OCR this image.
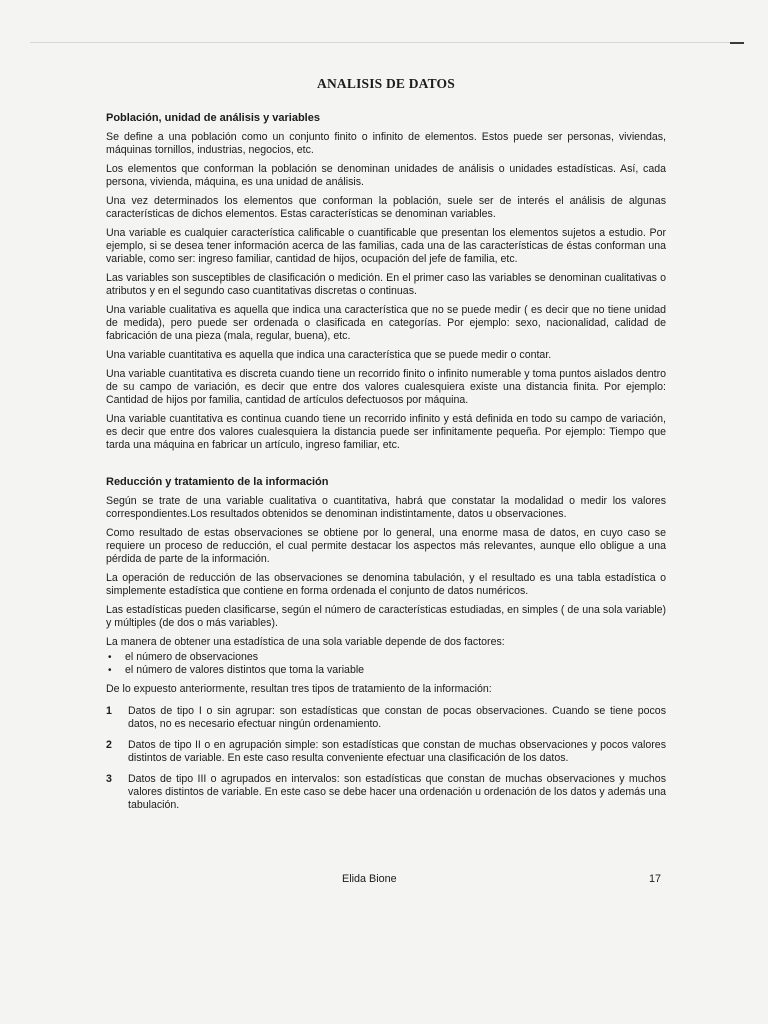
ANALISIS DE DATOS
Población, unidad de análisis y variables

Se define a una población como un conjunto finito o infinito de elementos. Estos puede ser personas, viviendas, máquinas tornillos, industrias, negocios, etc.

Los elementos que conforman la población se denominan unidades de análisis o unidades estadísticas. Así, cada persona, vivienda, máquina, es una unidad de análisis.

Una vez determinados los elementos que conforman la población, suele ser de interés el análisis de algunas características de dichos elementos. Estas características se denominan variables.

Una variable es cualquier característica calificable o cuantificable que presentan los elementos sujetos a estudio. Por ejemplo, si se desea tener información acerca de las familias, cada una de las características de éstas conforman una variable, como ser: ingreso familiar, cantidad de hijos, ocupación del jefe de familia, etc.

Las variables son susceptibles de clasificación o medición. En el primer caso las variables se denominan cualitativas o atributos y en el segundo caso cuantitativas discretas o continuas.

Una variable cualitativa es aquella que indica una característica que no se puede medir ( es decir que no tiene unidad de medida), pero puede ser ordenada o clasificada en categorías. Por ejemplo: sexo, nacionalidad, calidad de fabricación de una pieza (mala, regular, buena), etc.

Una variable cuantitativa es aquella que indica una característica que se puede medir o contar.

Una variable cuantitativa es discreta cuando tiene un recorrido finito o infinito numerable y toma puntos aislados dentro de su campo de variación, es decir que entre dos valores cualesquiera existe una distancia finita. Por ejemplo: Cantidad de hijos por familia, cantidad de artículos defectuosos por máquina.

Una variable cuantitativa es continua cuando tiene un recorrido infinito y está definida en todo su campo de variación, es decir que entre dos valores cualesquiera la distancia puede ser infinitamente pequeña. Por ejemplo: Tiempo que tarda una máquina en fabricar un artículo, ingreso familiar, etc.

Reducción y tratamiento de la información

Según se trate de una variable cualitativa o cuantitativa, habrá que constatar la modalidad o medir los valores correspondientes.Los resultados obtenidos se denominan indistintamente, datos u observaciones.

Como resultado de estas observaciones se obtiene por lo general, una enorme masa de datos, en cuyo caso se requiere un proceso de reducción, el cual permite destacar los aspectos más relevantes, aunque ello obligue a una pérdida de parte de la información.

La operación de reducción de las observaciones se denomina tabulación, y el resultado es una tabla estadística o simplemente estadística que contiene en forma ordenada el conjunto de datos numéricos.

Las estadísticas pueden clasificarse, según el número de características estudiadas, en simples ( de una sola variable) y múltiples (de dos o más variables).

La manera de obtener una estadística de una sola variable depende de dos factores:

• el número de observaciones
• el número de valores distintos que toma la variable

De lo expuesto anteriormente, resultan tres tipos de tratamiento de la información:

1 Datos de tipo I o sin agrupar: son estadísticas que constan de pocas observaciones. Cuando se tiene pocos datos, no es necesario efectuar ningún ordenamiento.
2 Datos de tipo II o en agrupación simple: son estadísticas que constan de muchas observaciones y pocos valores distintos de variable. En este caso resulta conveniente efectuar una clasificación de los datos.
3 Datos de tipo III o agrupados en intervalos: son estadísticas que constan de muchas observaciones y muchos valores distintos de variable. En este caso se debe hacer una ordenación u ordenación de los datos y además una tabulación.
Elida Bione	17
